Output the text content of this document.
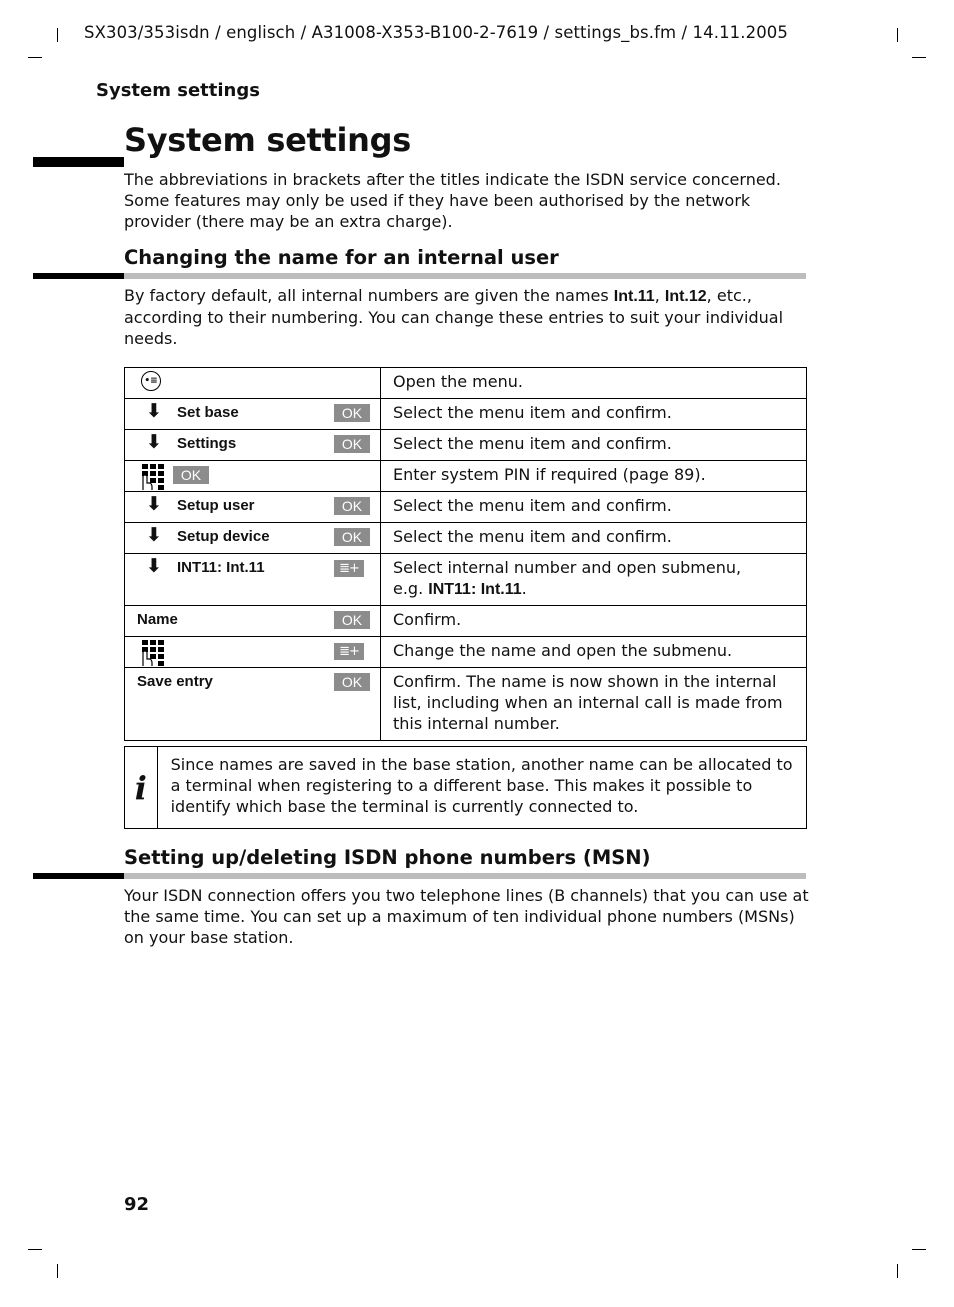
SX303/353isdn / englisch / A31008-X353-B100-2-7619 / settings_bs.fm / 14.11.2005
System settings
System settings

The abbreviations in brackets after the titles indicate the ISDN service concerned. Some features may only be used if they have been authorised by the network provider (there may be an extra charge).

Changing the name for an internal user

By factory default, all internal numbers are given the names Int.11, Int.12, etc., according to their numbering. You can change these entries to suit your individual needs.

•≡	Open the menu.

⬇ Set base OK	Select the menu item and confirm.

⬇ Settings OK	Select the menu item and confirm.

OK	Enter system PIN if required (page 89).

⬇ Setup user OK	Select the menu item and confirm.

⬇ Setup device OK	Select the menu item and confirm.

⬇ INT11: Int.11 ≣+	Select internal number and open submenu,
e.g. INT11: Int.11.

Name OK	Confirm.

≣+	Change the name and open the submenu.

Save entry OK	Confirm. The name is now shown in the internal list, including when an internal call is made from this internal number.
i
Since names are saved in the base station, another name can be allocated to a terminal when registering to a different base. This makes it possible to identify which base the terminal is currently connected to.
Setting up/deleting ISDN phone numbers (MSN)

Your ISDN connection offers you two telephone lines (B channels) that you can use at the same time. You can set up a maximum of ten individual phone numbers (MSNs) on your base station.

92
